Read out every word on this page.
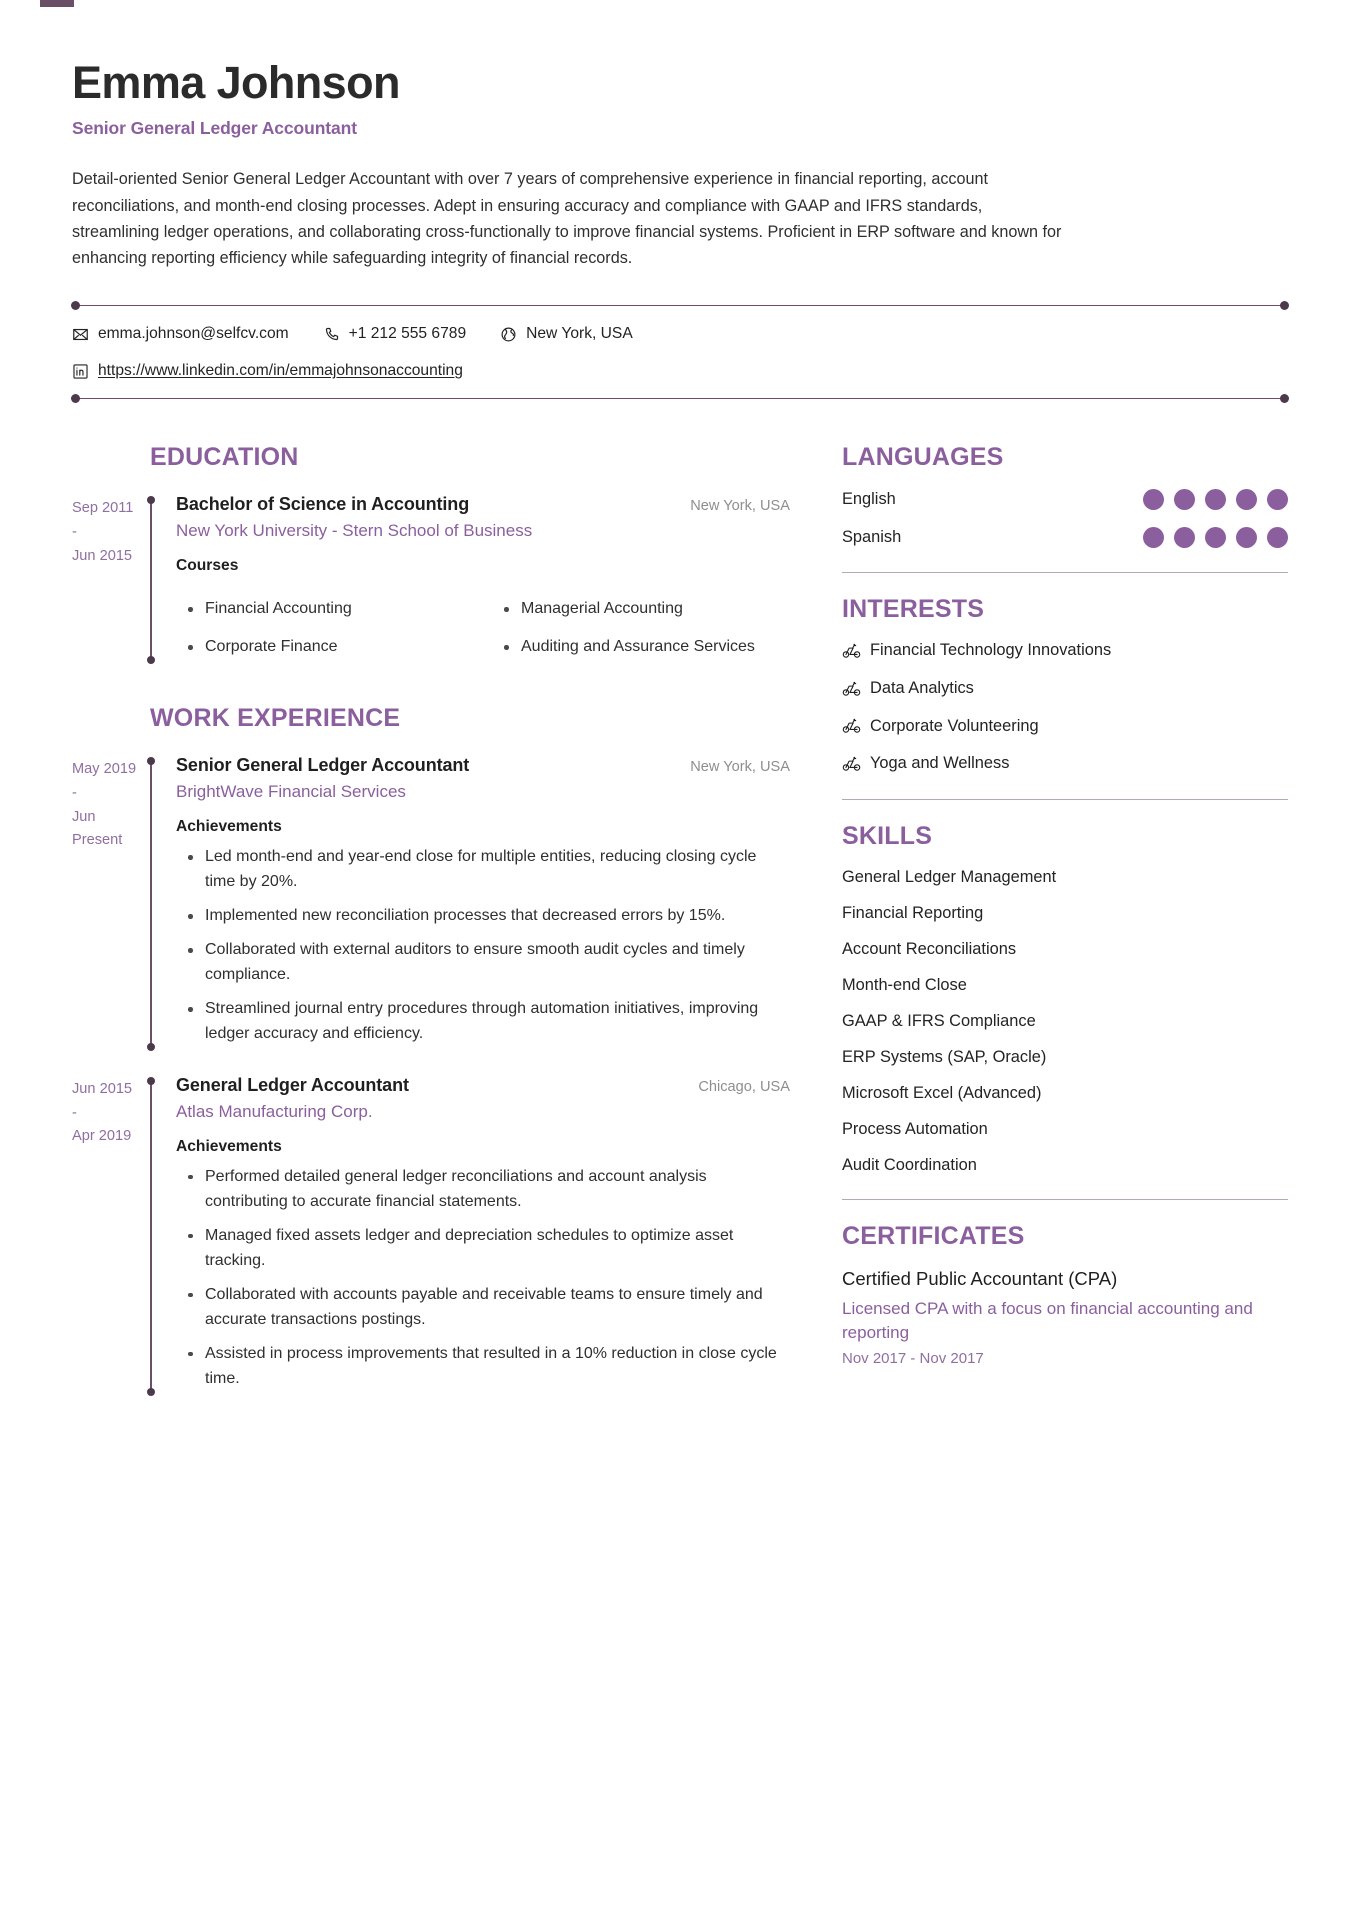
Emma Johnson
Senior General Ledger Accountant

Detail-oriented Senior General Ledger Accountant with over 7 years of comprehensive experience in financial reporting, account reconciliations, and month-end closing processes. Adept in ensuring accuracy and compliance with GAAP and IFRS standards, streamlining ledger operations, and collaborating cross-functionally to improve financial systems. Proficient in ERP software and known for enhancing reporting efficiency while safeguarding integrity of financial records.

emma.johnson@selfcv.com	+1 212 555 6789	New York, USA
https://www.linkedin.com/in/emmajohnsonaccounting
EDUCATION
Sep 2011
-
Jun 2015
Bachelor of Science in Accounting	New York, USA
New York University - Stern School of Business
Courses
Financial Accounting
Corporate Finance
Managerial Accounting
Auditing and Assurance Services
WORK EXPERIENCE
May 2019
-
Jun Present
Senior General Ledger Accountant	New York, USA
BrightWave Financial Services
Achievements
Led month-end and year-end close for multiple entities, reducing closing cycle time by 20%.
Implemented new reconciliation processes that decreased errors by 15%.
Collaborated with external auditors to ensure smooth audit cycles and timely compliance.
Streamlined journal entry procedures through automation initiatives, improving ledger accuracy and efficiency.
Jun 2015
-
Apr 2019
General Ledger Accountant	Chicago, USA
Atlas Manufacturing Corp.
Achievements
Performed detailed general ledger reconciliations and account analysis contributing to accurate financial statements.
Managed fixed assets ledger and depreciation schedules to optimize asset tracking.
Collaborated with accounts payable and receivable teams to ensure timely and accurate transactions postings.
Assisted in process improvements that resulted in a 10% reduction in close cycle time.
LANGUAGES
English
Spanish
INTERESTS
Financial Technology Innovations
Data Analytics
Corporate Volunteering
Yoga and Wellness
SKILLS
General Ledger Management
Financial Reporting
Account Reconciliations
Month-end Close
GAAP & IFRS Compliance
ERP Systems (SAP, Oracle)
Microsoft Excel (Advanced)
Process Automation
Audit Coordination
CERTIFICATES
Certified Public Accountant (CPA)
Licensed CPA with a focus on financial accounting and reporting
Nov 2017 - Nov 2017
